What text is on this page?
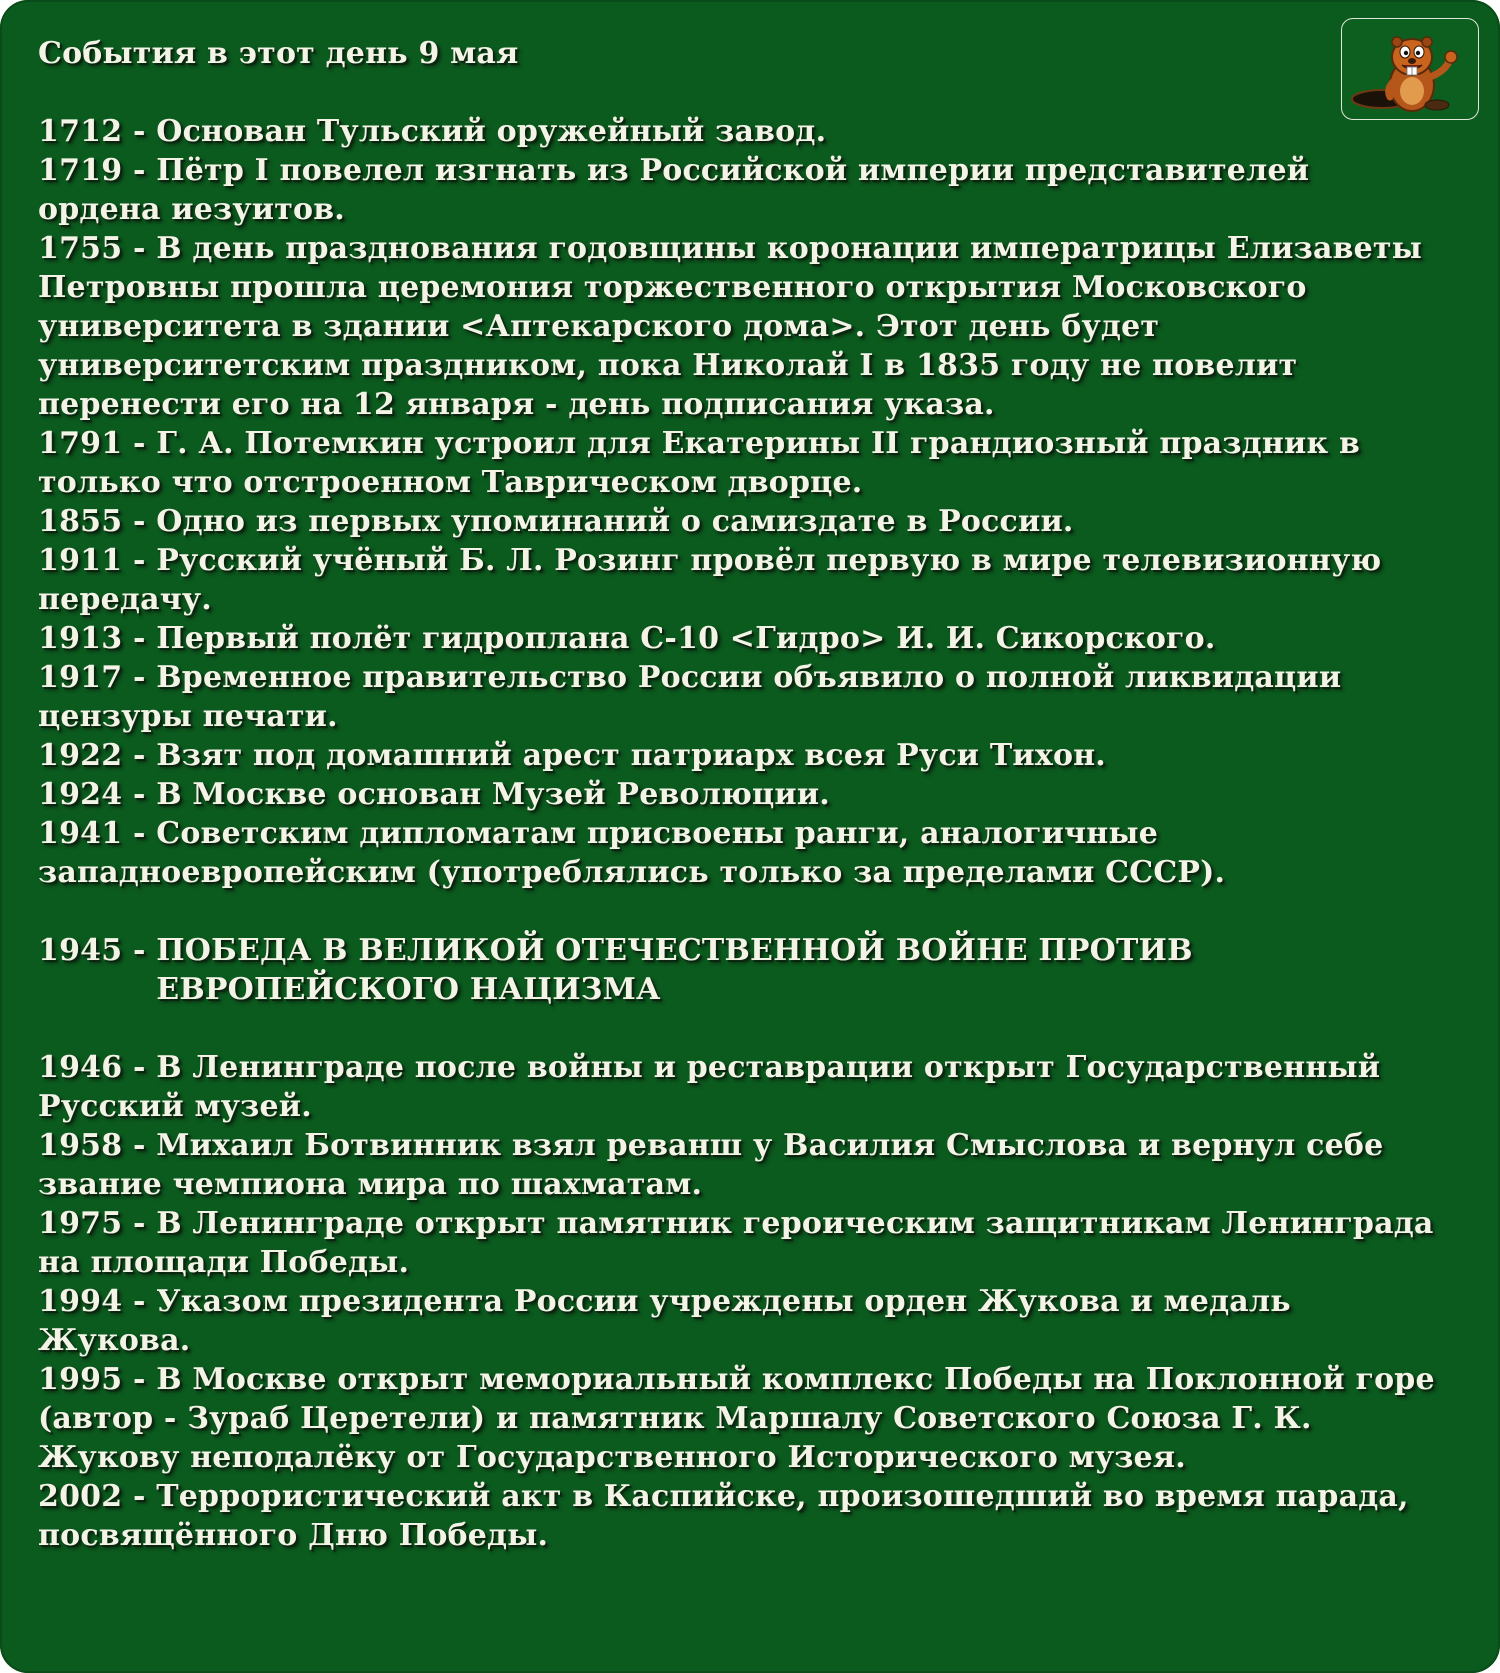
События в этот день 9 мая
1712 - Основан Тульский оружейный завод.
1719 - Пётр I повелел изгнать из Российской империи представителей ордена иезуитов.
1755 - В день празднования годовщины коронации императрицы Елизаветы Петровны прошла церемония торжественного открытия Московского университета в здании <Аптекарского дома>. Этот день будет университетским праздником, пока Николай I в 1835 году не повелит перенести его на 12 января - день подписания указа.
1791 - Г. А. Потемкин устроил для Екатерины II грандиозный праздник в только что отстроенном Таврическом дворце.
1855 - Одно из первых упоминаний о самиздате в России.
1911 - Русский учёный Б. Л. Розинг провёл первую в мире телевизионную передачу.
1913 - Первый полёт гидроплана С-10 <Гидро> И. И. Сикорского.
1917 - Временное правительство России объявило о полной ликвидации цензуры печати.
1922 - Взят под домашний арест патриарх всея Руси Тихон.
1924 - В Москве основан Музей Революции.
1941 - Советским дипломатам присвоены ранги, аналогичные западноевропейским (употреблялись только за пределами СССР).
1945 - ПОБЕДА В ВЕЛИКОЙ ОТЕЧЕСТВЕННОЙ ВОЙНЕ ПРОТИВ ЕВРОПЕЙСКОГО НАЦИЗМА
1946 - В Ленинграде после войны и реставрации открыт Государственный Русский музей.
1958 - Михаил Ботвинник взял реванш у Василия Смыслова и вернул себе звание чемпиона мира по шахматам.
1975 - В Ленинграде открыт памятник героическим защитникам Ленинграда на площади Победы.
1994 - Указом президента России учреждены орден Жукова и медаль Жукова.
1995 - В Москве открыт мемориальный комплекс Победы на Поклонной горе (автор - Зураб Церетели) и памятник Маршалу Советского Союза Г. К. Жукову неподалёку от Государственного Исторического музея.
2002 - Террористический акт в Каспийске, произошедший во время парада, посвящённого Дню Победы.
